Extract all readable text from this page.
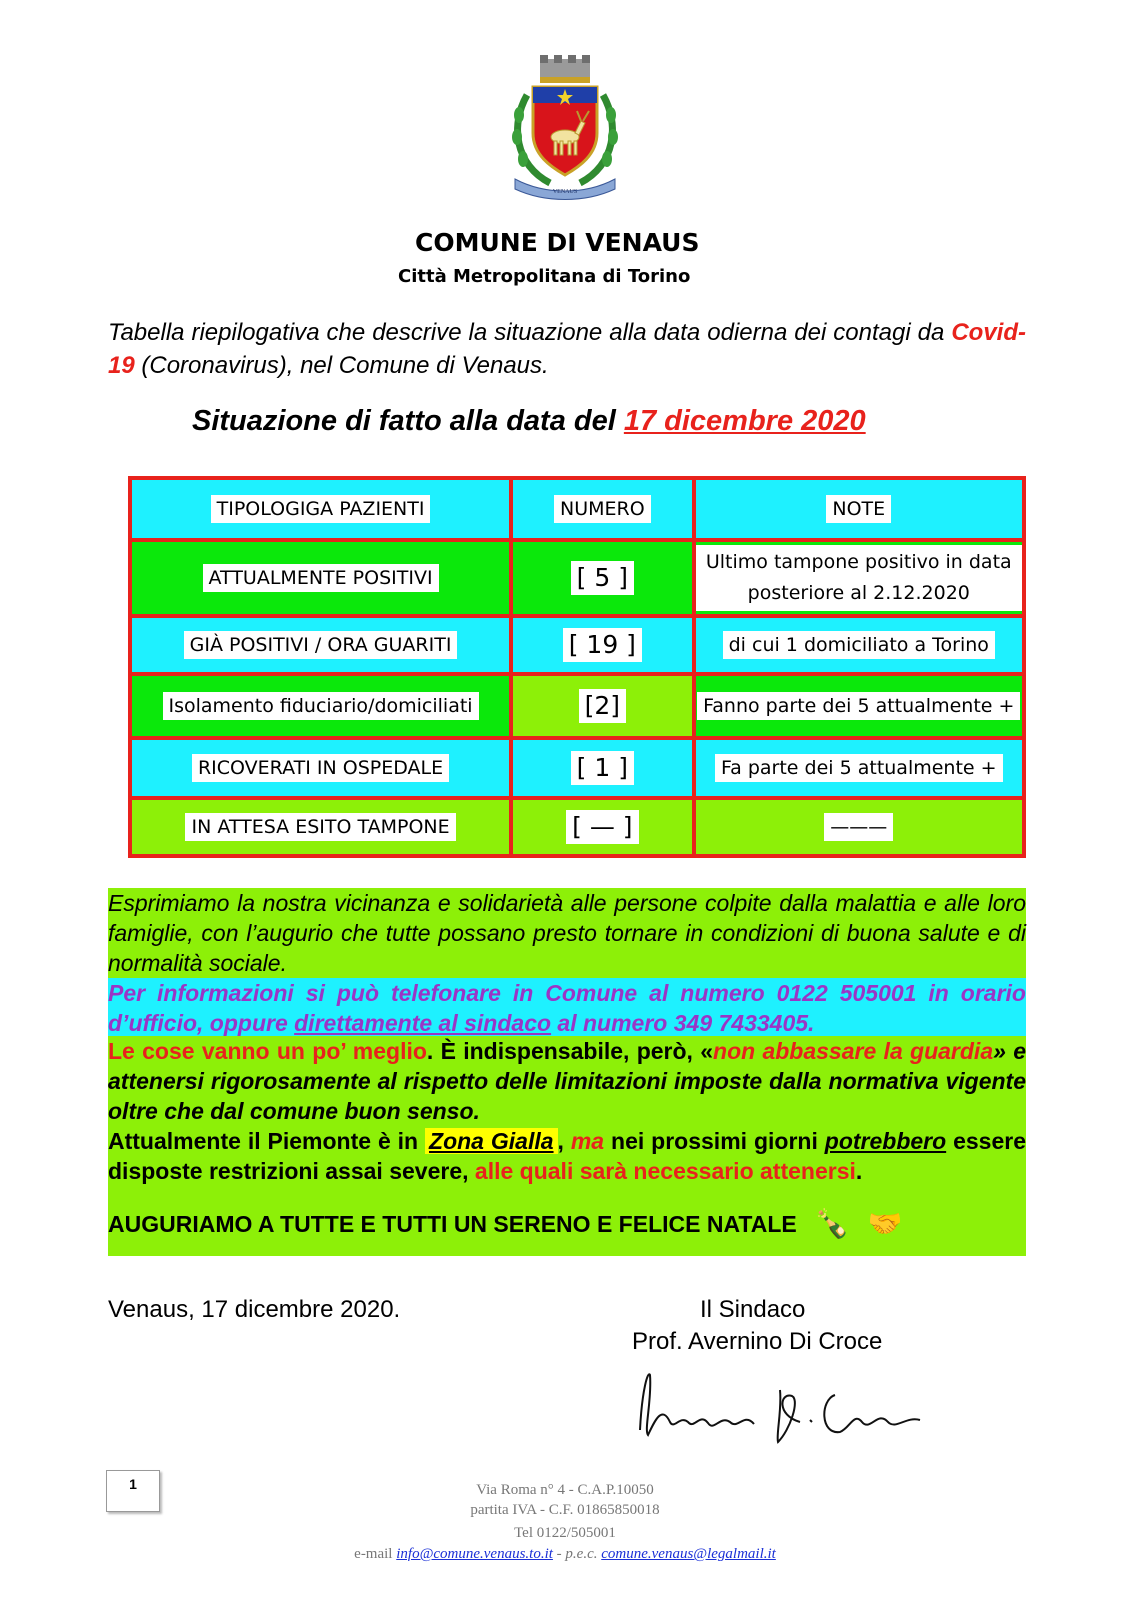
VENAUS
COMUNE DI VENAUS
Città Metropolitana di Torino
Tabella riepilogativa che descrive la situazione alla data odierna dei contagi da Covid-19 (Coronavirus), nel Comune di Venaus.
Situazione di fatto alla data del 17 dicembre 2020
TIPOLOGIGA PAZIENTI	NUMERO	NOTE
ATTUALMENTE POSITIVI	[ 5 ]	Ultimo tampone positivo in data posteriore al 2.12.2020
GIÀ POSITIVI / ORA GUARITI	[ 19 ]	di cui 1 domiciliato a Torino
Isolamento fiduciario/domiciliati	[2]	Fanno parte dei 5 attualmente +
RICOVERATI IN OSPEDALE	[ 1 ]	Fa parte dei 5 attualmente +
IN ATTESA ESITO TAMPONE	[ — ]	———
Esprimiamo la nostra vicinanza e solidarietà alle persone colpite dalla malattia e alle loro famiglie, con l’augurio che tutte possano presto tornare in condizioni di buona salute e di normalità sociale.
Per informazioni si può telefonare in Comune al numero 0122 505001 in orario d’ufficio, oppure direttamente al sindaco al numero 349 7433405.
Le cose vanno un po’ meglio. È indispensabile, però, «non abbassare la guardia» e attenersi rigorosamente al rispetto delle limitazioni imposte dalla normativa vigente oltre che dal comune buon senso.
Attualmente il Piemonte è in Zona Gialla , ma nei prossimi giorni potrebbero essere disposte restrizioni assai severe, alle quali sarà necessario attenersi.
AUGURIAMO A TUTTE E TUTTI UN SERENO E FELICE NATALE 🍾 🤝
Venaus, 17 dicembre 2020.	Il Sindaco
Prof. Avernino Di Croce
1	Via Roma n° 4 - C.A.P.10050
partita IVA - C.F. 01865850018
Tel 0122/505001
e-mail info@comune.venaus.to.it - p.e.c. comune.venaus@legalmail.it
